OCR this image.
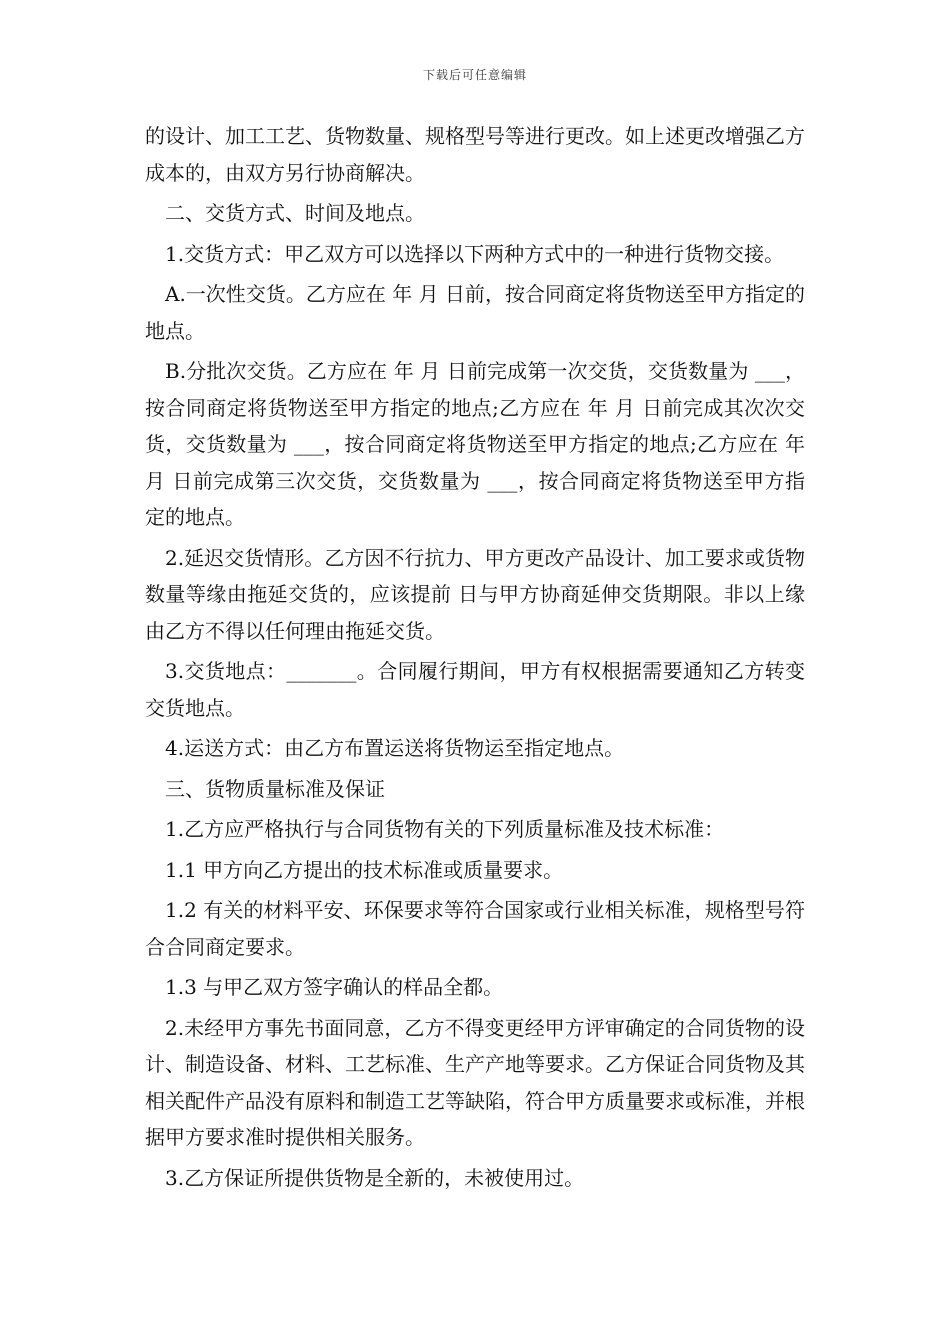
下载后可任意编辑

的设计、加工工艺、货物数量、规格型号等进行更改。如上述更改增强乙方成本的，由双方另行协商解决。

二、交货方式、时间及地点。

1.交货方式：甲乙双方可以选择以下两种方式中的一种进行货物交接。

A.一次性交货。乙方应在 年 月 日前，按合同商定将货物送至甲方指定的地点。

B.分批次交货。乙方应在 年 月 日前完成第一次交货，交货数量为 ___，按合同商定将货物送至甲方指定的地点;乙方应在 年 月 日前完成其次次交货，交货数量为 ___，按合同商定将货物送至甲方指定的地点;乙方应在 年 月 日前完成第三次交货，交货数量为 ___，按合同商定将货物送至甲方指定的地点。

2.延迟交货情形。乙方因不行抗力、甲方更改产品设计、加工要求或货物数量等缘由拖延交货的，应该提前 日与甲方协商延伸交货期限。非以上缘由乙方不得以任何理由拖延交货。

3.交货地点：_______。合同履行期间，甲方有权根据需要通知乙方转变交货地点。

4.运送方式：由乙方布置运送将货物运至指定地点。

三、货物质量标准及保证

1.乙方应严格执行与合同货物有关的下列质量标准及技术标准：

1.1 甲方向乙方提出的技术标准或质量要求。

1.2 有关的材料平安、环保要求等符合国家或行业相关标准，规格型号符合合同商定要求。

1.3 与甲乙双方签字确认的样品全都。

2.未经甲方事先书面同意，乙方不得变更经甲方评审确定的合同货物的设计、制造设备、材料、工艺标准、生产产地等要求。乙方保证合同货物及其相关配件产品没有原料和制造工艺等缺陷，符合甲方质量要求或标准，并根据甲方要求准时提供相关服务。

3.乙方保证所提供货物是全新的，未被使用过。
